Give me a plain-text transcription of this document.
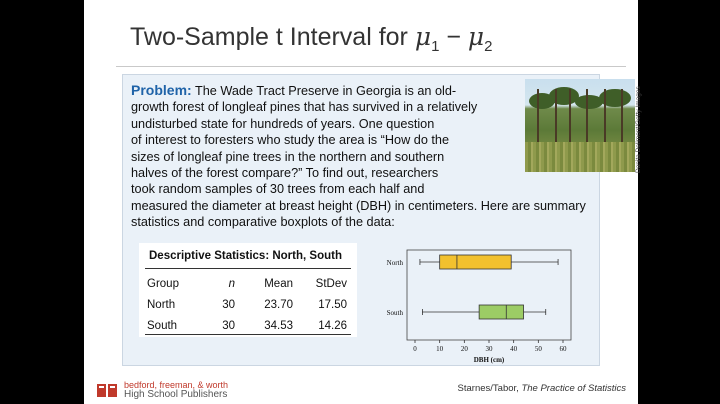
Two-Sample t Interval for $\mu_1 - \mu_2$
Problem: The Wade Tract Preserve in Georgia is an old-
growth forest of longleaf pines that has survived in a relatively
undisturbed state for hundreds of years. One question
of interest to foresters who study the area is “How do the
sizes of longleaf pine trees in the northern and southern
halves of the forest compare?” To find out, researchers
took random samples of 30 trees from each half and
measured the diameter at breast height (DBH) in centimeters. Here are summary
statistics and comparative boxplots of the data:
Danita Delimont/Getty Images
Descriptive Statistics: North, South
Group	n	Mean	StDev
North	30	23.70	17.50
South	30	34.53	14.26
North
South
0	10	20	30	40	50	60
DBH (cm)
bedford, freeman, & worth
High School Publishers
Starnes/Tabor, The Practice of Statistics
